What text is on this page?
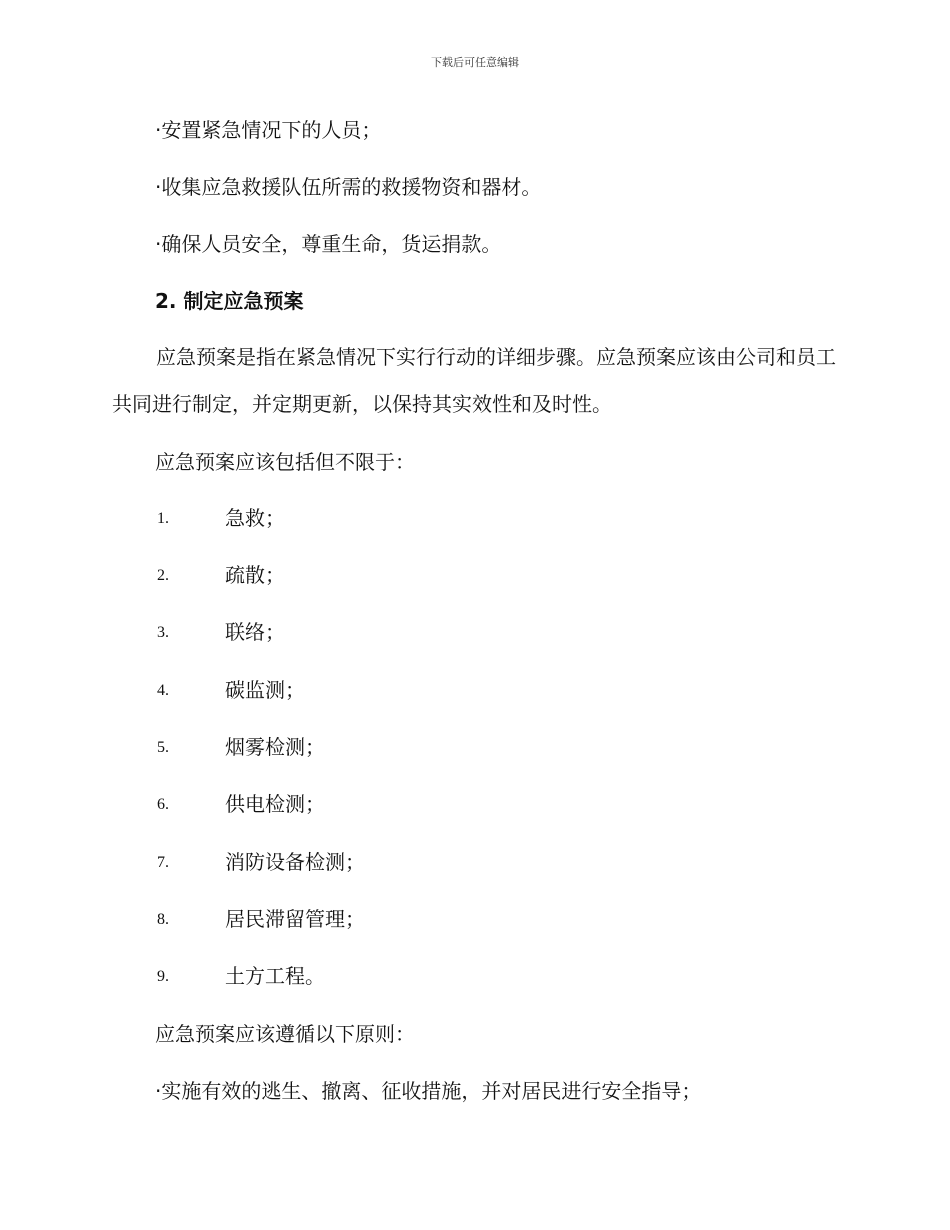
下载后可任意编辑
·安置紧急情况下的人员；
·收集应急救援队伍所需的救援物资和器材。
·确保人员安全，尊重生命，货运捐款。
2. 制定应急预案
应急预案是指在紧急情况下实行行动的详细步骤。应急预案应该由公司和员工共同进行制定，并定期更新，以保持其实效性和及时性。
应急预案应该包括但不限于：
1.	急救；
2.	疏散；
3.	联络；
4.	碳监测；
5.	烟雾检测；
6.	供电检测；
7.	消防设备检测；
8.	居民滞留管理；
9.	土方工程。
应急预案应该遵循以下原则：
·实施有效的逃生、撤离、征收措施，并对居民进行安全指导；
